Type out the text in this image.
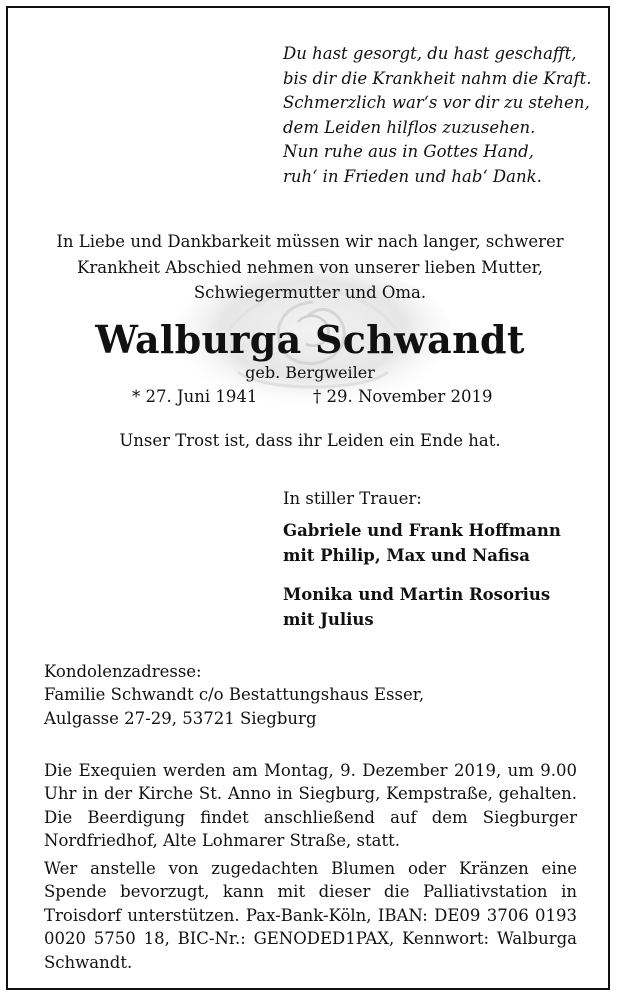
Du hast gesorgt, du hast geschafft,
bis dir die Krankheit nahm die Kraft.
Schmerzlich war‘s vor dir zu stehen,
dem Leiden hilflos zuzusehen.
Nun ruhe aus in Gottes Hand,
ruh‘ in Frieden und hab‘ Dank.
In Liebe und Dankbarkeit müssen wir nach langer, schwerer
Krankheit Abschied nehmen von unserer lieben Mutter,
Schwiegermutter und Oma.
Walburga Schwandt
geb. Bergweiler
* 27. Juni 1941	† 29. November 2019
Unser Trost ist, dass ihr Leiden ein Ende hat.
In stiller Trauer:
Gabriele und Frank Hoffmann
mit Philip, Max und Nafisa
Monika und Martin Rosorius
mit Julius
Kondolenzadresse:
Familie Schwandt c/o Bestattungshaus Esser,
Aulgasse 27-29, 53721 Siegburg
Die Exequien werden am Montag, 9. Dezember 2019, um 9.00 Uhr in der Kirche St. Anno in Siegburg, Kempstraße, gehalten. Die Beerdigung findet anschließend auf dem Siegburger Nordfriedhof, Alte Lohmarer Straße, statt.
Wer anstelle von zugedachten Blumen oder Kränzen eine Spende bevorzugt, kann mit dieser die Palliativstation in Troisdorf unterstützen. Pax-Bank-Köln, IBAN: DE09 3706 0193 0020 5750 18, BIC-Nr.: GENODED1PAX, Kennwort: Walburga Schwandt.
